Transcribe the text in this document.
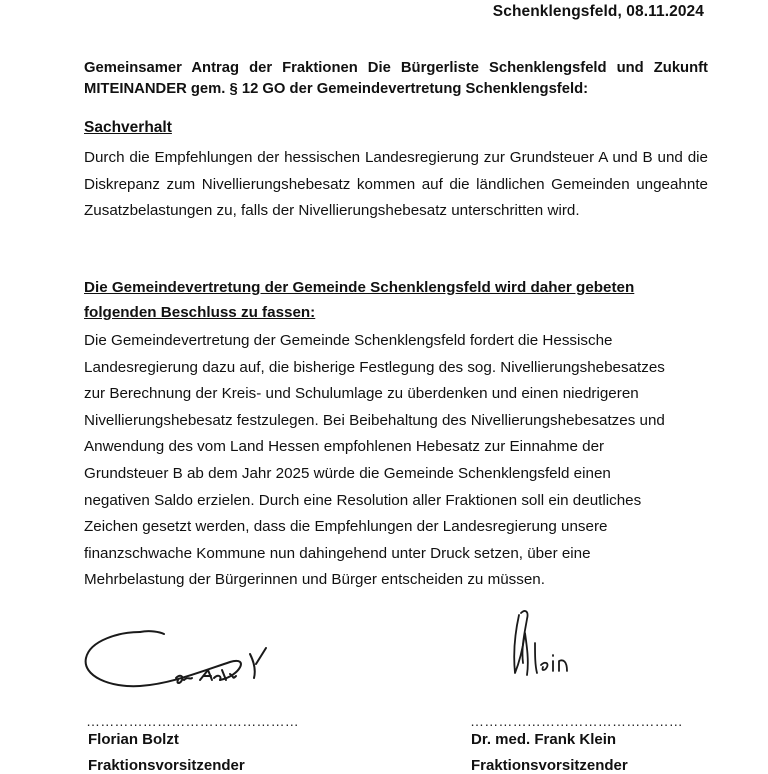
Schenklengsfeld, 08.11.2024
Gemeinsamer Antrag der Fraktionen Die Bürgerliste Schenklengsfeld und Zukunft MITEINANDER gem. § 12 GO der Gemeindevertretung Schenklengsfeld:
Sachverhalt
Durch die Empfehlungen der hessischen Landesregierung zur Grundsteuer A und B und die Diskrepanz zum Nivellierungshebesatz kommen auf die ländlichen Gemeinden ungeahnte Zusatzbelastungen zu, falls der Nivellierungshebesatz unterschritten wird.
Die Gemeindevertretung der Gemeinde Schenklengsfeld wird daher gebeten folgenden Beschluss zu fassen:
Die Gemeindevertretung der Gemeinde Schenklengsfeld fordert die Hessische
Landesregierung dazu auf, die bisherige Festlegung des sog. Nivellierungshebesatzes
zur Berechnung der Kreis- und Schulumlage zu überdenken und einen niedrigeren
Nivellierungshebesatz festzulegen. Bei Beibehaltung des Nivellierungshebesatzes und
Anwendung des vom Land Hessen empfohlenen Hebesatz zur Einnahme der
Grundsteuer B ab dem Jahr 2025 würde die Gemeinde Schenklengsfeld einen
negativen Saldo erzielen. Durch eine Resolution aller Fraktionen soll ein deutliches
Zeichen gesetzt werden, dass die Empfehlungen der Landesregierung unsere
finanzschwache Kommune nun dahingehend unter Druck setzen, über eine
Mehrbelastung der Bürgerinnen und Bürger entscheiden zu müssen.
………………………………………	………………………………………
Florian Bolzt	Dr. med. Frank Klein
Fraktionsvorsitzender	Fraktionsvorsitzender
